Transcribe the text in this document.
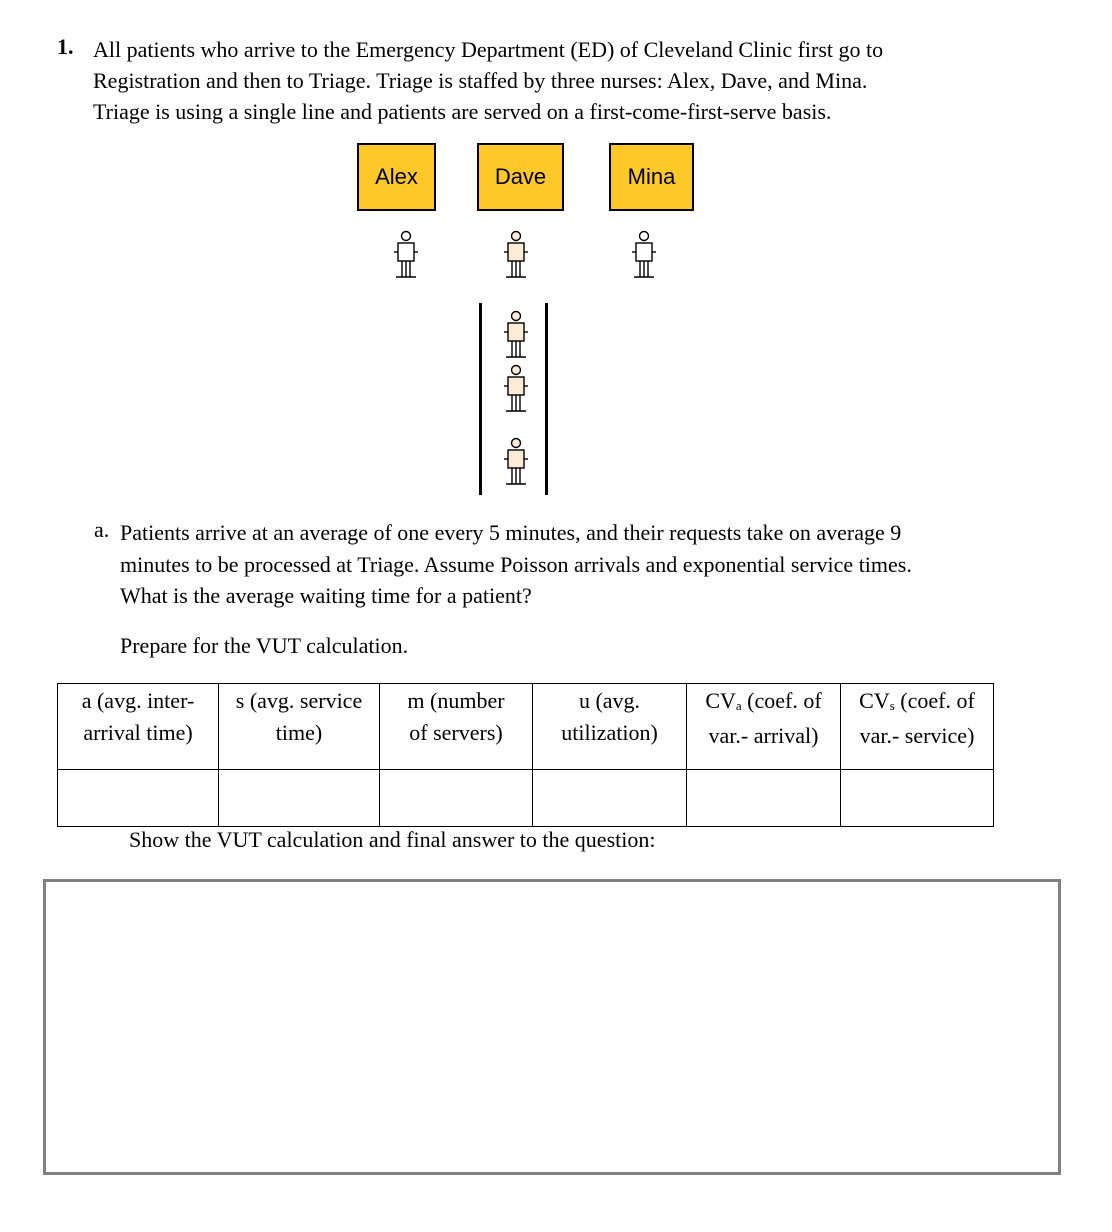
1. All patients who arrive to the Emergency Department (ED) of Cleveland Clinic first go to
Registration and then to Triage. Triage is staffed by three nurses: Alex, Dave, and Mina.
Triage is using a single line and patients are served on a first-come-first-serve basis.
Alex	Dave	Mina
a. Patients arrive at an average of one every 5 minutes, and their requests take on average 9
minutes to be processed at Triage. Assume Poisson arrivals and exponential service times.
What is the average waiting time for a patient?
Prepare for the VUT calculation.
a (avg. inter-
arrival time)	s (avg. service
time)	m (number
of servers)	u (avg.
utilization)	$CV_a$ (coef. of
var.- arrival)	$CV_s$ (coef. of
var.- service)

Show the VUT calculation and final answer to the question:
